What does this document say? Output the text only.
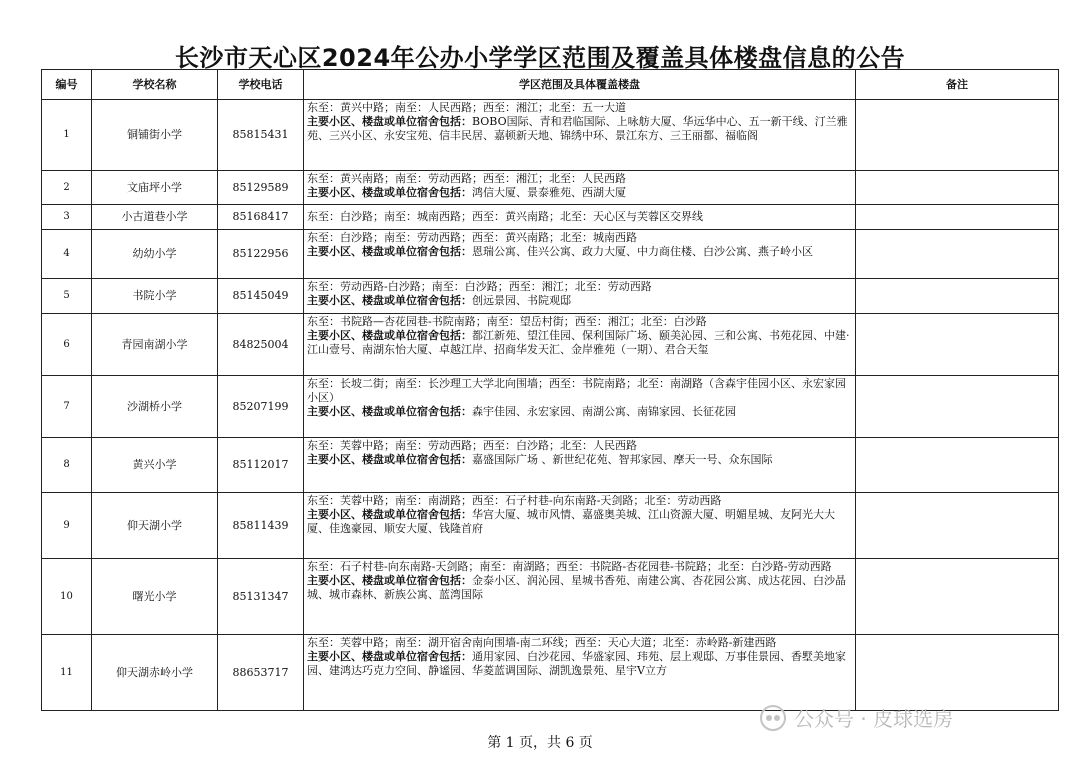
长沙市天心区2024年公办小学学区范围及覆盖具体楼盘信息的公告
编号	学校名称	学校电话	学区范围及具体覆盖楼盘	备注
1	铜铺街小学	85815431	东至：黄兴中路；南至：人民西路；西至：湘江；北至：五一大道
主要小区、楼盘或单位宿舍包括：BOBO国际、青和君临国际、上咏舫大厦、华远华中心、五一新干线、汀兰雅苑、三兴小区、永安宝苑、信丰民居、嘉顿新天地、锦绣中环、景江东方、三王丽都、福临阁	

2	文庙坪小学	85129589	东至：黄兴南路；南至：劳动西路；西至：湘江；北至：人民西路
主要小区、楼盘或单位宿舍包括：鸿信大厦、景泰雅苑、西湖大厦	

3	小古道巷小学	85168417	东至：白沙路；南至：城南西路；西至：黄兴南路；北至：天心区与芙蓉区交界线	

4	幼幼小学	85122956	东至：白沙路；南至：劳动西路；西至：黄兴南路；北至：城南西路
主要小区、楼盘或单位宿舍包括：恩瑞公寓、佳兴公寓、政力大厦、中力商住楼、白沙公寓、燕子岭小区	

5	书院小学	85145049	东至：劳动西路-白沙路；南至：白沙路；西至：湘江；北至：劳动西路
主要小区、楼盘或单位宿舍包括：创远景园、书院观邸	

6	青园南湖小学	84825004	东至：书院路—杏花园巷-书院南路；南至：望岳村街；西至：湘江；北至：白沙路
主要小区、楼盘或单位宿舍包括：都江新苑、望江佳园、保利国际广场、颐美沁园、三和公寓、书苑花园、中建·江山壹号、南湖东怡大厦、卓越江岸、招商华发天汇、金岸雅苑（一期）、君合天玺	

7	沙湖桥小学	85207199	东至：长坡二街；南至：长沙理工大学北向围墙；西至：书院南路；北至：南湖路（含森宇佳园小区、永宏家园小区）
主要小区、楼盘或单位宿舍包括：森宇佳园、永宏家园、南湖公寓、南锦家园、长征花园	

8	黄兴小学	85112017	东至：芙蓉中路；南至：劳动西路；西至：白沙路；北至：人民西路
主要小区、楼盘或单位宿舍包括：嘉盛国际广场 、新世纪花苑、智邦家园、摩天一号、众东国际	

9	仰天湖小学	85811439	东至：芙蓉中路；南至：南湖路；西至：石子村巷-向东南路-天剑路；北至：劳动西路
主要小区、楼盘或单位宿舍包括：华宫大厦、城市风情、嘉盛奥美城、江山资源大厦、明媚星城、友阿光大大厦、佳逸豪园、顺安大厦、钱隆首府	

10	曙光小学	85131347	东至：石子村巷-向东南路-天剑路；南至：南湖路；西至：书院路-杏花园巷-书院路；北至：白沙路-劳动西路
主要小区、楼盘或单位宿舍包括：金泰小区、润沁园、星城书香苑、南建公寓、杏花园公寓、成达花园、白沙晶城、城市森林、新族公寓、蓝湾国际	

11	仰天湖赤岭小学	88653717	东至：芙蓉中路；南至：湖开宿舍南向围墙-南二环线；西至：天心大道；北至：赤岭路-新建西路
主要小区、楼盘或单位宿舍包括：通用家园、白沙花园、华盛家园、玮苑、层上观邸、万事佳景园、香墅美地家园、建鸿达巧克力空间、静谧园、华菱蓝调国际、湖凯逸景苑、星宇V立方	

第 1 页，共 6 页
公众号 · 皮球选房
